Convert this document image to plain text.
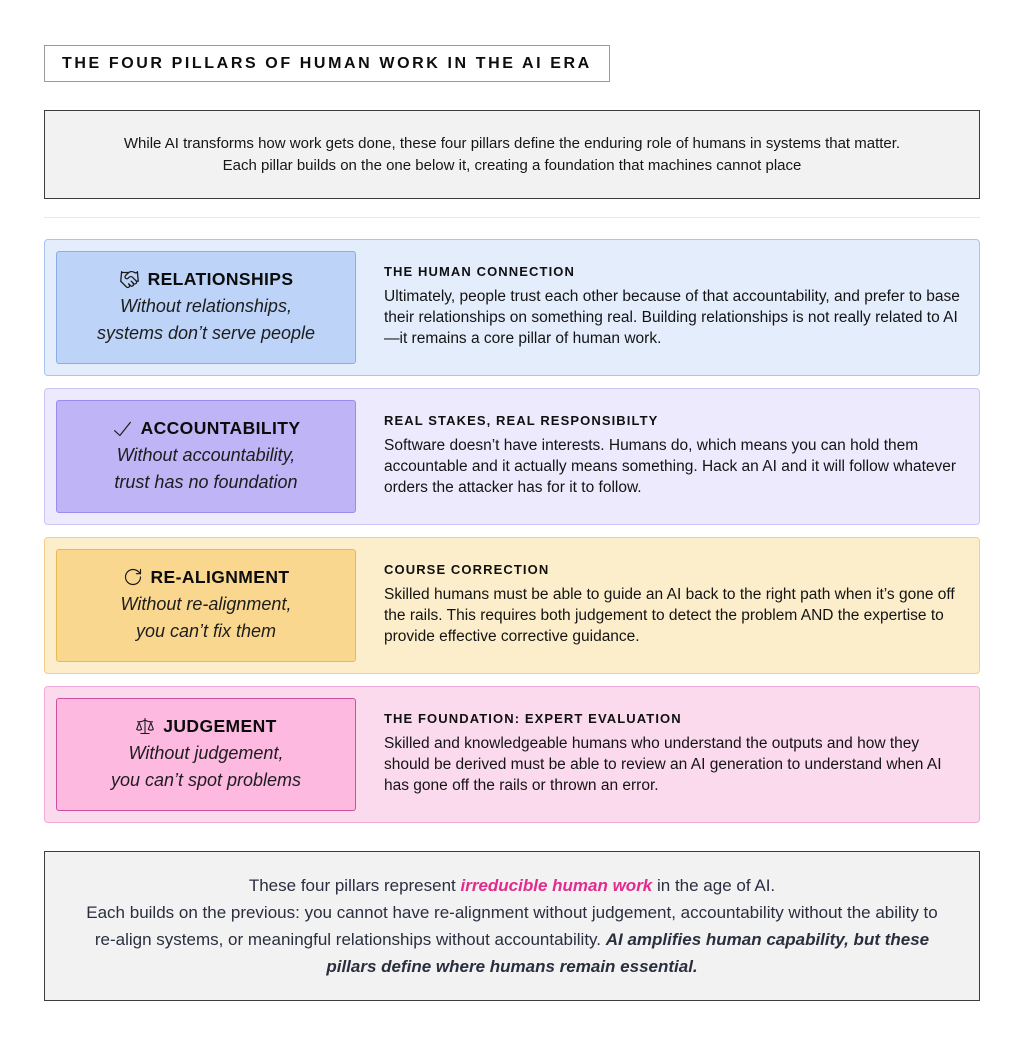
THE FOUR PILLARS OF HUMAN WORK IN THE AI ERA
While AI transforms how work gets done, these four pillars define the enduring role of humans in systems that matter.
Each pillar builds on the one below it, creating a foundation that machines cannot place
RELATIONSHIPS
Without relationships,
systems don’t serve people
THE HUMAN CONNECTION
Ultimately, people trust each other because of that accountability, and prefer to base their relationships on something real. Building relationships is not really related to AI—it remains a core pillar of human work.
ACCOUNTABILITY
Without accountability,
trust has no foundation
REAL STAKES, REAL RESPONSIBILTY
Software doesn’t have interests. Humans do, which means you can hold them accountable and it actually means something. Hack an AI and it will follow whatever orders the attacker has for it to follow.
RE-ALIGNMENT
Without re-alignment,
you can’t fix them
COURSE CORRECTION
Skilled humans must be able to guide an AI back to the right path when it’s gone off the rails. This requires both judgement to detect the problem AND the expertise to provide effective corrective guidance.
JUDGEMENT
Without judgement,
you can’t spot problems
THE FOUNDATION: EXPERT EVALUATION
Skilled and knowledgeable humans who understand the outputs and how they should be derived must be able to review an AI generation to understand when AI has gone off the rails or thrown an error.

These four pillars represent irreducible human work in the age of AI.
Each builds on the previous: you cannot have re-alignment without judgement, accountability without the ability to re-align systems, or meaningful relationships without accountability. AI amplifies human capability, but these pillars define where humans remain essential.
